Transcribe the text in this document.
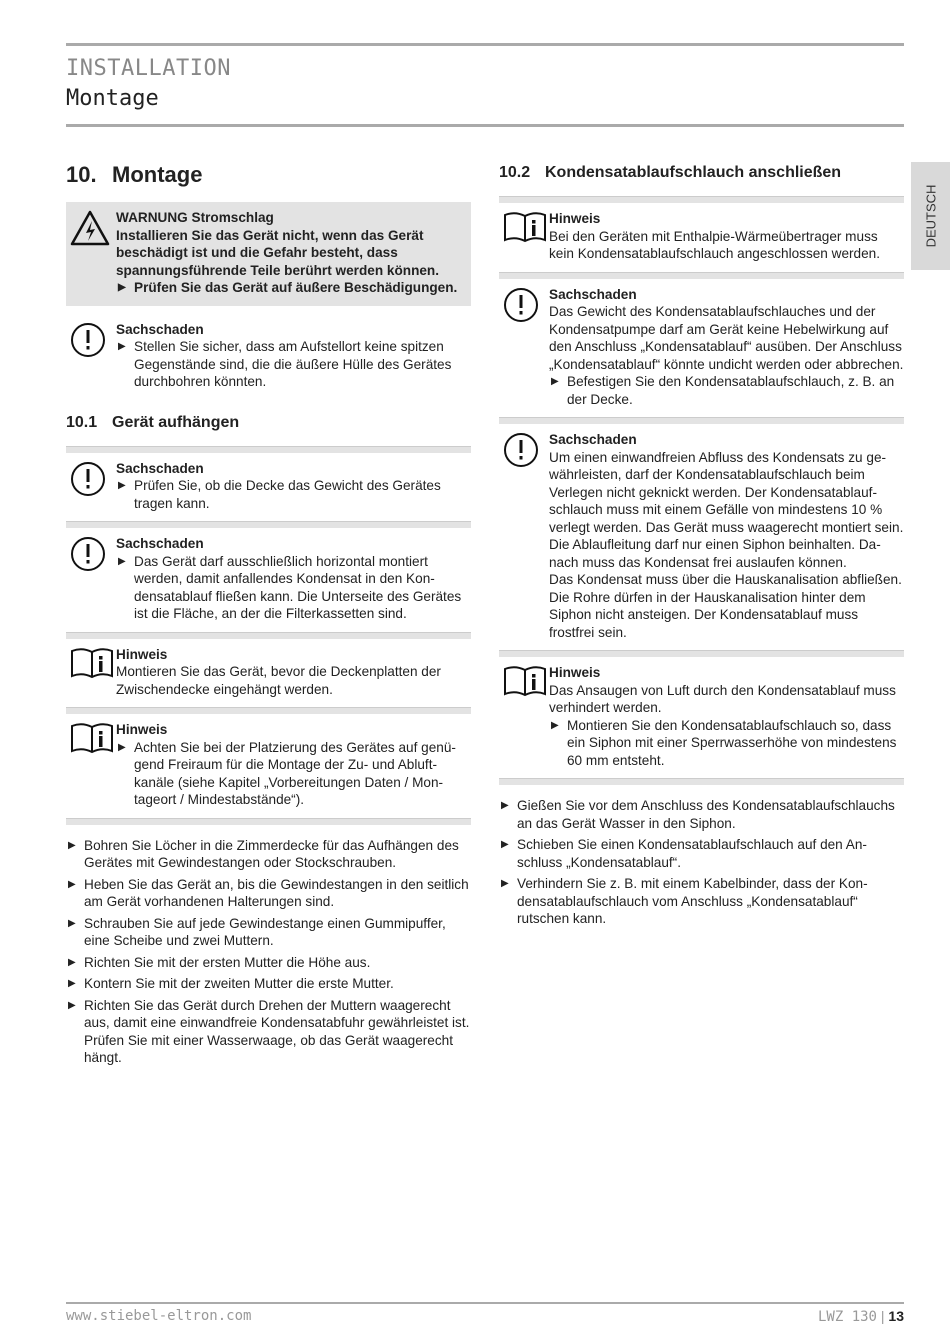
INSTALLATION
Montage
DEUTSCH
10. Montage
WARNUNG Stromschlag
Installieren Sie das Gerät nicht, wenn das Gerät beschädigt ist und die Gefahr besteht, dass spannungsführende Teile berührt werden können.
▶ Prüfen Sie das Gerät auf äußere Beschädigungen.
Sachschaden
▶ Stellen Sie sicher, dass am Aufstellort keine spitzen Gegenstände sind, die die äußere Hülle des Gerätes durchbohren könnten.
10.1 Gerät aufhängen
Sachschaden
▶ Prüfen Sie, ob die Decke das Gewicht des Gerätes tragen kann.
Sachschaden
▶ Das Gerät darf ausschließlich horizontal montiert werden, damit anfallendes Kondensat in den Kondensatablauf fließen kann. Die Unterseite des Gerätes ist die Fläche, an der die Filterkassetten sind.
Hinweis
Montieren Sie das Gerät, bevor die Deckenplatten der Zwischendecke eingehängt werden.
Hinweis
▶ Achten Sie bei der Platzierung des Gerätes auf genügend Freiraum für die Montage der Zu- und Abluftkanäle (siehe Kapitel „Vorbereitungen Daten / Montageort / Mindestabstände“).
▶ Bohren Sie Löcher in die Zimmerdecke für das Aufhängen des Gerätes mit Gewindestangen oder Stockschrauben.
▶ Heben Sie das Gerät an, bis die Gewindestangen in den seitlich am Gerät vorhandenen Halterungen sind.
▶ Schrauben Sie auf jede Gewindestange einen Gummipuffer, eine Scheibe und zwei Muttern.
▶ Richten Sie mit der ersten Mutter die Höhe aus.
▶ Kontern Sie mit der zweiten Mutter die erste Mutter.
▶ Richten Sie das Gerät durch Drehen der Muttern waagerecht aus, damit eine einwandfreie Kondensatabfuhr gewährleistet ist. Prüfen Sie mit einer Wasserwaage, ob das Gerät waagerecht hängt.
10.2 Kondensatablaufschlauch anschließen
Hinweis
Bei den Geräten mit Enthalpie-Wärmeübertrager muss kein Kondensatablaufschlauch angeschlossen werden.
Sachschaden
Das Gewicht des Kondensatablaufschlauches und der Kondensatpumpe darf am Gerät keine Hebelwirkung auf den Anschluss „Kondensatablauf“ ausüben. Der Anschluss „Kondensatablauf“ könnte undicht werden oder abbrechen.
▶ Befestigen Sie den Kondensatablaufschlauch, z. B. an der Decke.
Sachschaden
Um einen einwandfreien Abfluss des Kondensats zu gewährleisten, darf der Kondensatablaufschlauch beim Verlegen nicht geknickt werden. Der Kondensatablaufschlauch muss mit einem Gefälle von mindestens 10 % verlegt werden. Das Gerät muss waagerecht montiert sein.
Die Ablaufleitung darf nur einen Siphon beinhalten. Danach muss das Kondensat frei auslaufen können.
Das Kondensat muss über die Hauskanalisation abfließen. Die Rohre dürfen in der Hauskanalisation hinter dem Siphon nicht ansteigen. Der Kondensatablauf muss frostfrei sein.
Hinweis
Das Ansaugen von Luft durch den Kondensatablauf muss verhindert werden.
▶ Montieren Sie den Kondensatablaufschlauch so, dass ein Siphon mit einer Sperrwasserhöhe von mindestens 60 mm entsteht.
▶ Gießen Sie vor dem Anschluss des Kondensatablaufschlauchs an das Gerät Wasser in den Siphon.
▶ Schieben Sie einen Kondensatablaufschlauch auf den Anschluss „Kondensatablauf“.
▶ Verhindern Sie z. B. mit einem Kabelbinder, dass der Kondensatablaufschlauch vom Anschluss „Kondensatablauf“ rutschen kann.
www.stiebel-eltron.com	LWZ 130 | 13
